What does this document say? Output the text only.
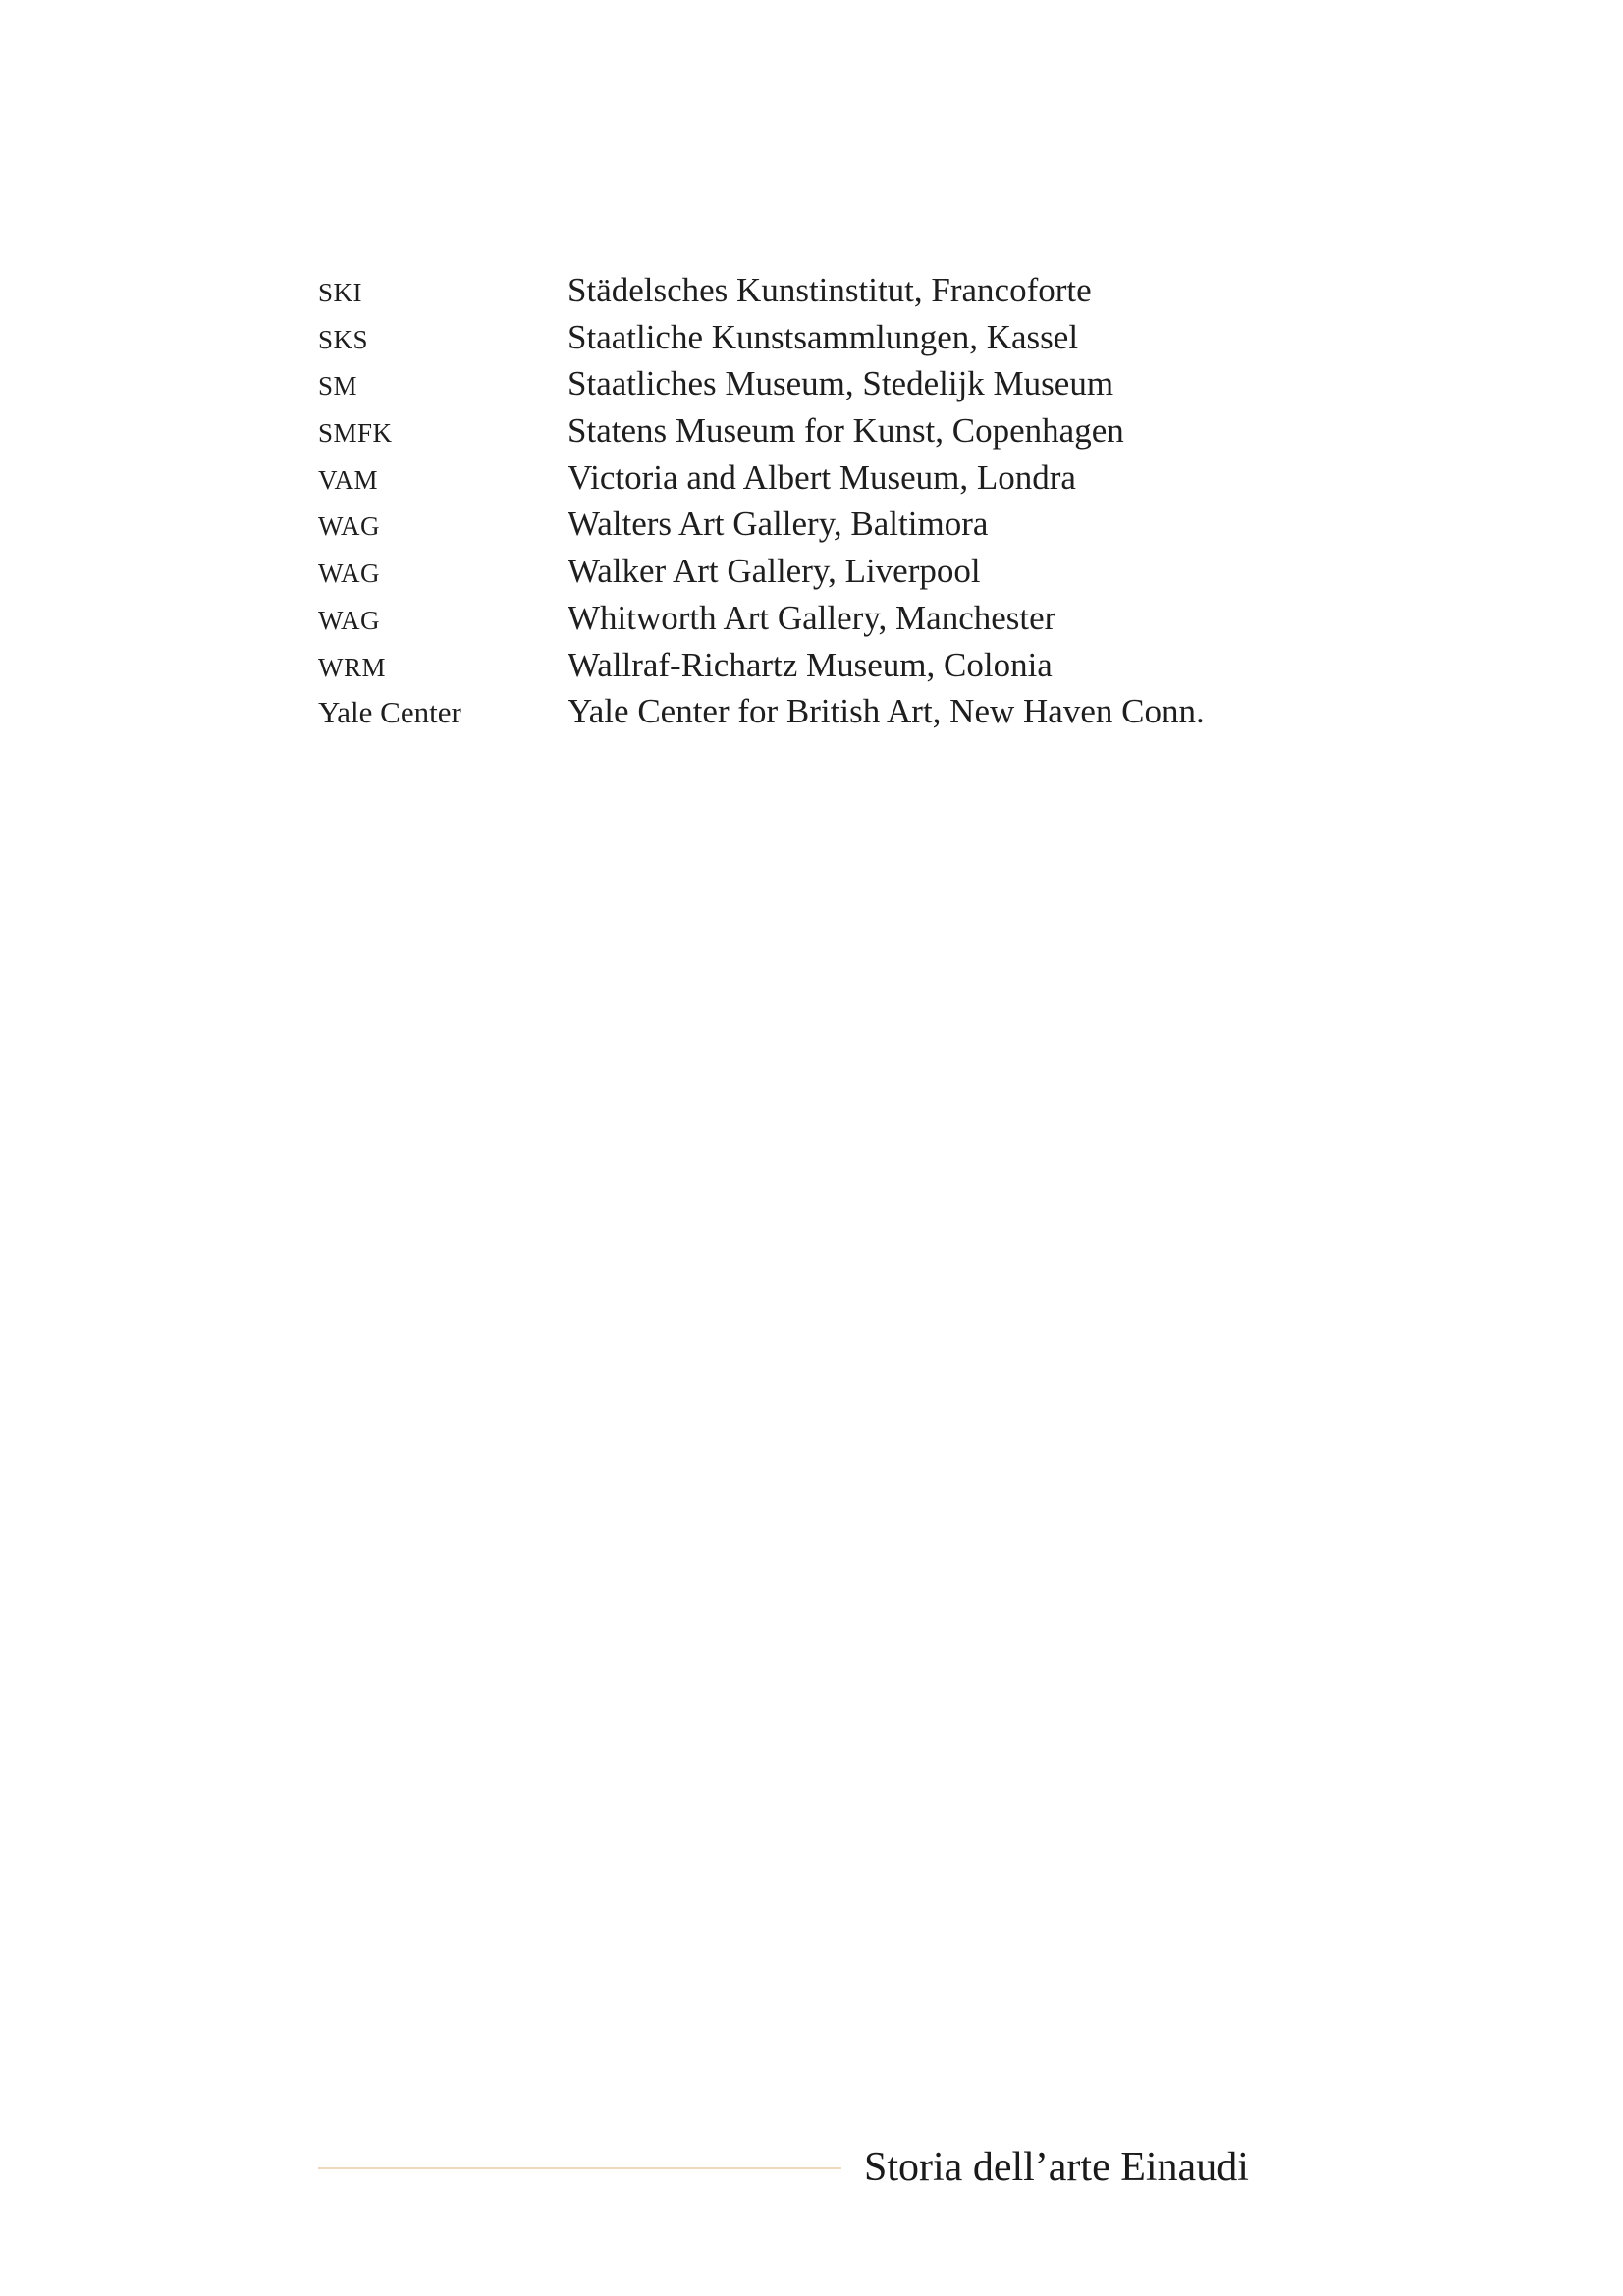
SKI	Städelsches Kunstinstitut, Francoforte
SKS	Staatliche Kunstsammlungen, Kassel
SM	Staatliches Museum, Stedelijk Museum
SMFK	Statens Museum for Kunst, Copenhagen
VAM	Victoria and Albert Museum, Londra
WAG	Walters Art Gallery, Baltimora
WAG	Walker Art Gallery, Liverpool
WAG	Whitworth Art Gallery, Manchester
WRM	Wallraf-Richartz Museum, Colonia
Yale Center	Yale Center for British Art, New Haven Conn.
Storia dell’arte Einaudi
